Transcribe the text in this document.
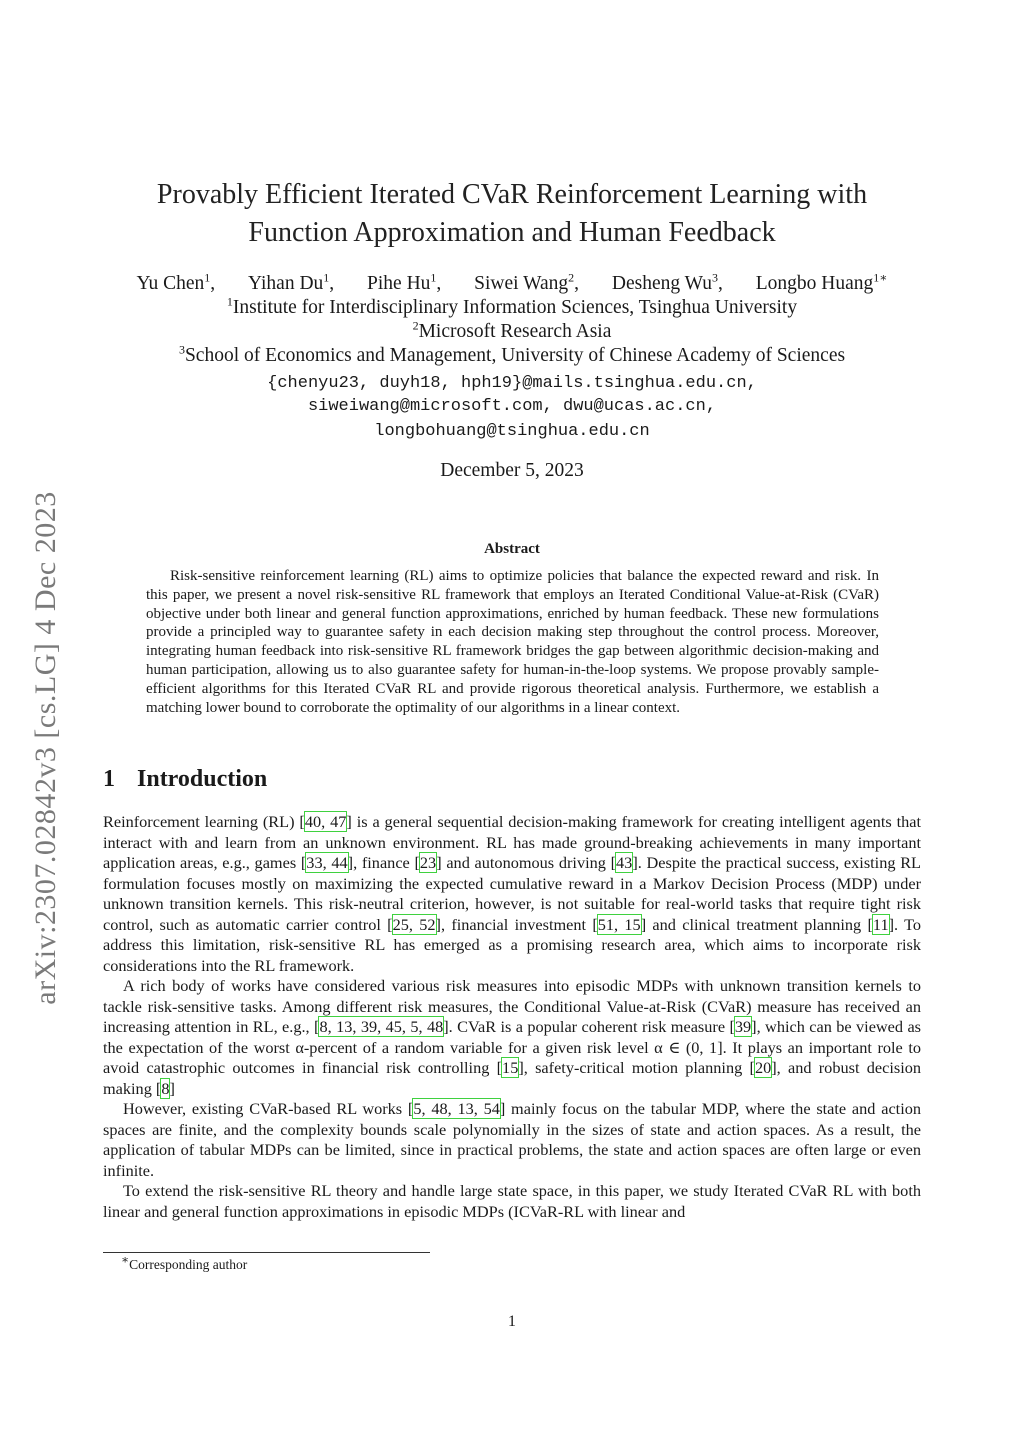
arXiv:2307.02842v3 [cs.LG] 4 Dec 2023
Provably Efficient Iterated CVaR Reinforcement Learning with
Function Approximation and Human Feedback
Yu Chen$^1$, Yihan Du$^1$, Pihe Hu$^1$, Siwei Wang$^2$, Desheng Wu$^3$, Longbo Huang$^{1∗}$
$^1$Institute for Interdisciplinary Information Sciences, Tsinghua University
$^2$Microsoft Research Asia
$^3$School of Economics and Management, University of Chinese Academy of Sciences
{chenyu23, duyh18, hph19}@mails.tsinghua.edu.cn,
siweiwang@microsoft.com, dwu@ucas.ac.cn,
longbohuang@tsinghua.edu.cn
December 5, 2023
Abstract
Risk-sensitive reinforcement learning (RL) aims to optimize policies that balance the expected reward and risk. In this paper, we present a novel risk-sensitive RL framework that employs an Iterated Conditional Value-at-Risk (CVaR) objective under both linear and general function approximations, enriched by human feedback. These new formulations provide a principled way to guarantee safety in each decision making step throughout the control process. Moreover, integrating human feedback into risk-sensitive RL framework bridges the gap between algorithmic decision-making and human participation, allowing us to also guarantee safety for human-in-the-loop systems. We propose provably sample-efficient algorithms for this Iterated CVaR RL and provide rigorous theoretical analysis. Furthermore, we establish a matching lower bound to corroborate the optimality of our algorithms in a linear context.
1 Introduction

Reinforcement learning (RL) [40, 47] is a general sequential decision-making framework for creating intelligent agents that interact with and learn from an unknown environment. RL has made ground-breaking achievements in many important application areas, e.g., games [33, 44], finance [23] and autonomous driving [43]. Despite the practical success, existing RL formulation focuses mostly on maximizing the expected cumulative reward in a Markov Decision Process (MDP) under unknown transition kernels. This risk-neutral criterion, however, is not suitable for real-world tasks that require tight risk control, such as automatic carrier control [25, 52], financial investment [51, 15] and clinical treatment planning [11]. To address this limitation, risk-sensitive RL has emerged as a promising research area, which aims to incorporate risk considerations into the RL framework.

A rich body of works have considered various risk measures into episodic MDPs with unknown transition kernels to tackle risk-sensitive tasks. Among different risk measures, the Conditional Value-at-Risk (CVaR) measure has received an increasing attention in RL, e.g., [8, 13, 39, 45, 5, 48]. CVaR is a popular coherent risk measure [39], which can be viewed as the expectation of the worst α-percent of a random variable for a given risk level α ∈ (0, 1]. It plays an important role to avoid catastrophic outcomes in financial risk controlling [15], safety-critical motion planning [20], and robust decision making [8]

However, existing CVaR-based RL works [5, 48, 13, 54] mainly focus on the tabular MDP, where the state and action spaces are finite, and the complexity bounds scale polynomially in the sizes of state and action spaces. As a result, the application of tabular MDPs can be limited, since in practical problems, the state and action spaces are often large or even infinite.

To extend the risk-sensitive RL theory and handle large state space, in this paper, we study Iterated CVaR RL with both linear and general function approximations in episodic MDPs (ICVaR-RL with linear and

∗Corresponding author
1
